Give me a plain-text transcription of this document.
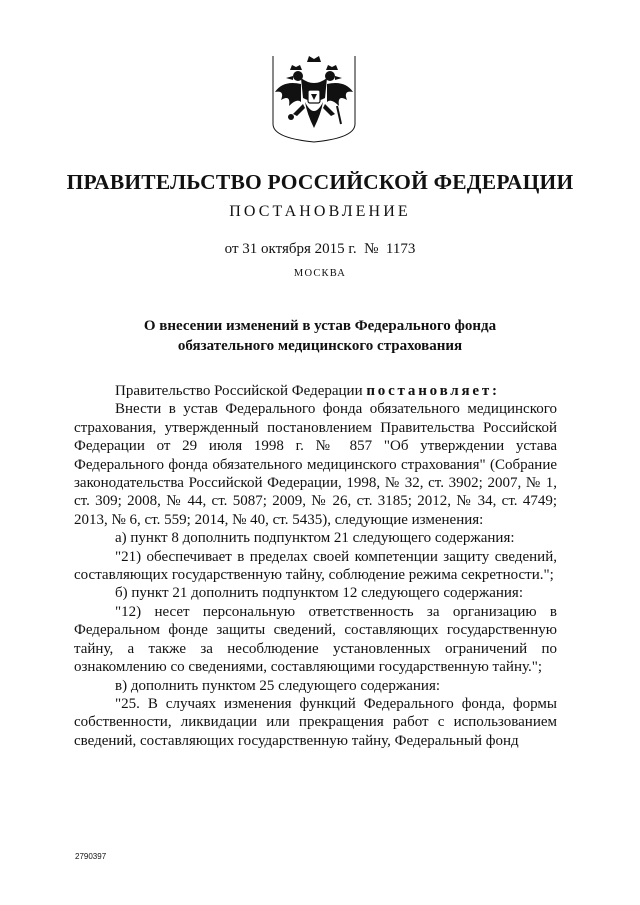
ПРАВИТЕЛЬСТВО РОССИЙСКОЙ ФЕДЕРАЦИИ
ПОСТАНОВЛЕНИЕ
от 31 октября 2015 г.  №  1173
МОСКВА
О внесении изменений в устав Федерального фонда
обязательного медицинского страхования

Правительство Российской Федерации постановляет:

Внести в устав Федерального фонда обязательного медицинского страхования, утвержденный постановлением Правительства Российской Федерации от 29 июля 1998 г. № 857 "Об утверждении устава Федерального фонда обязательного медицинского страхования" (Собрание законодательства Российской Федерации, 1998, № 32, ст. 3902; 2007, № 1, ст. 309; 2008, № 44, ст. 5087; 2009, № 26, ст. 3185; 2012, № 34, ст. 4749; 2013, № 6, ст. 559; 2014, № 40, ст. 5435), следующие изменения:

а) пункт 8 дополнить подпунктом 21 следующего содержания:

"21) обеспечивает в пределах своей компетенции защиту сведений, составляющих государственную тайну, соблюдение режима секретности.";

б) пункт 21 дополнить подпунктом 12 следующего содержания:

"12) несет персональную ответственность за организацию в Федеральном фонде защиты сведений, составляющих государственную тайну, а также за несоблюдение установленных ограничений по ознакомлению со сведениями, составляющими государственную тайну.";

в) дополнить пунктом 25 следующего содержания:

"25. В случаях изменения функций Федерального фонда, формы собственности, ликвидации или прекращения работ с использованием сведений, составляющих государственную тайну, Федеральный фонд

2790397
